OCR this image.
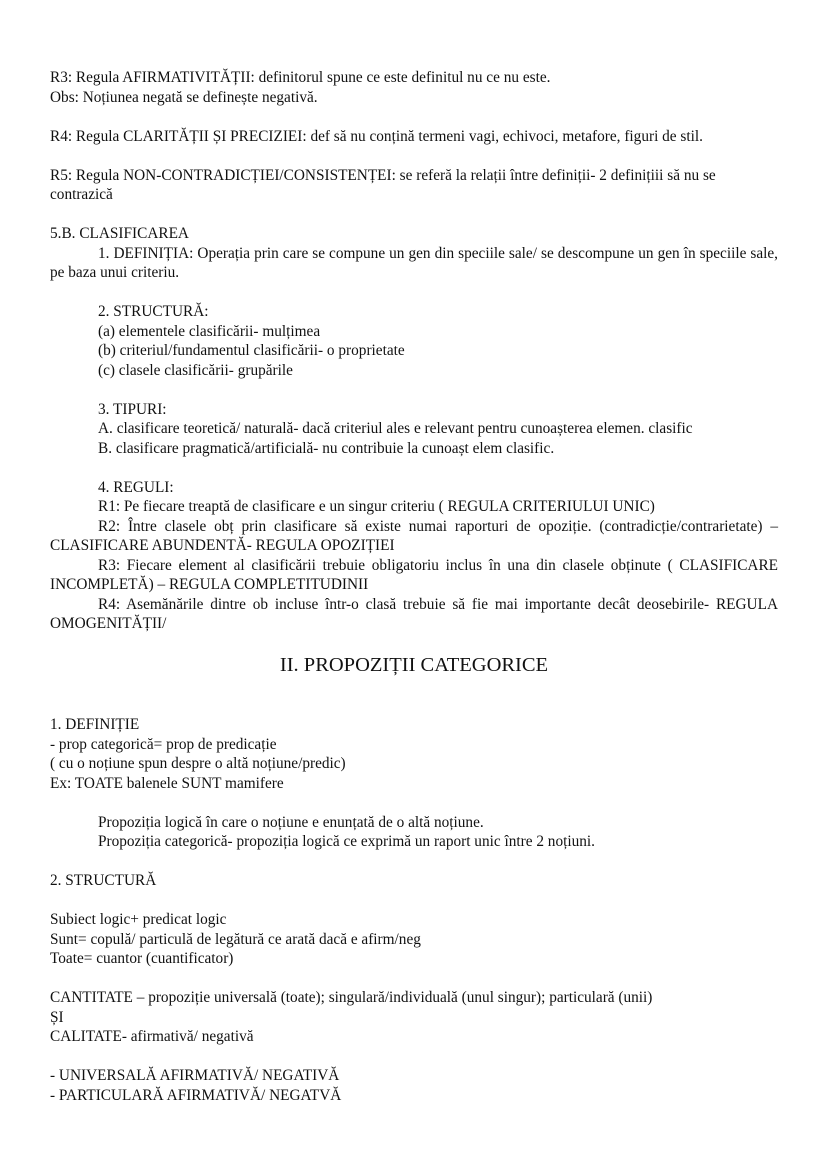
R3: Regula AFIRMATIVITĂȚII: definitorul spune ce este definitul nu ce nu este.
Obs: Noțiunea negată se definește negativă.
R4: Regula CLARITĂȚII ȘI PRECIZIEI: def să nu conțină termeni vagi, echivoci, metafore, figuri de stil.
R5: Regula NON-CONTRADICȚIEI/CONSISTENȚEI: se referă la relații între definiții- 2 definițiii să nu se contrazică
5.B. CLASIFICAREA
1. DEFINIȚIA: Operația prin care se compune un gen din speciile sale/ se descompune un gen în speciile sale, pe baza unui criteriu.
2. STRUCTURĂ:
(a) elementele clasificării- mulțimea
(b) criteriul/fundamentul clasificării- o proprietate
(c) clasele clasificării- grupările
3. TIPURI:
A. clasificare teoretică/ naturală- dacă criteriul ales e relevant pentru cunoașterea elemen. clasific
B. clasificare pragmatică/artificială- nu contribuie la cunoașt elem clasific.
4. REGULI:
R1: Pe fiecare treaptă de clasificare e un singur criteriu ( REGULA CRITERIULUI UNIC)
R2: Între clasele obț prin clasificare să existe numai raporturi de opoziție. (contradicție/contrarietate) – CLASIFICARE ABUNDENTĂ- REGULA OPOZIȚIEI
R3: Fiecare element al clasificării trebuie obligatoriu inclus în una din clasele obținute ( CLASIFICARE INCOMPLETĂ) – REGULA COMPLETITUDINII
R4: Asemănările dintre ob incluse într-o clasă trebuie să fie mai importante decât deosebirile- REGULA OMOGENITĂȚII/
II. PROPOZIȚII CATEGORICE
1. DEFINIȚIE
- prop categorică= prop de predicație
( cu o noțiune spun despre o altă noțiune/predic)
Ex: TOATE balenele SUNT mamifere
Propoziția logică în care o noțiune e enunțată de o altă noțiune.
Propoziția categorică- propoziția logică ce exprimă un raport unic între 2 noțiuni.
2. STRUCTURĂ
Subiect logic+ predicat logic
Sunt= copulă/ particulă de legătură ce arată dacă e afirm/neg
Toate= cuantor (cuantificator)
CANTITATE – propoziție universală (toate); singulară/individuală (unul singur); particulară (unii)
ȘI
CALITATE- afirmativă/ negativă
- UNIVERSALĂ AFIRMATIVĂ/ NEGATIVĂ
- PARTICULARĂ AFIRMATIVĂ/ NEGATVĂ
